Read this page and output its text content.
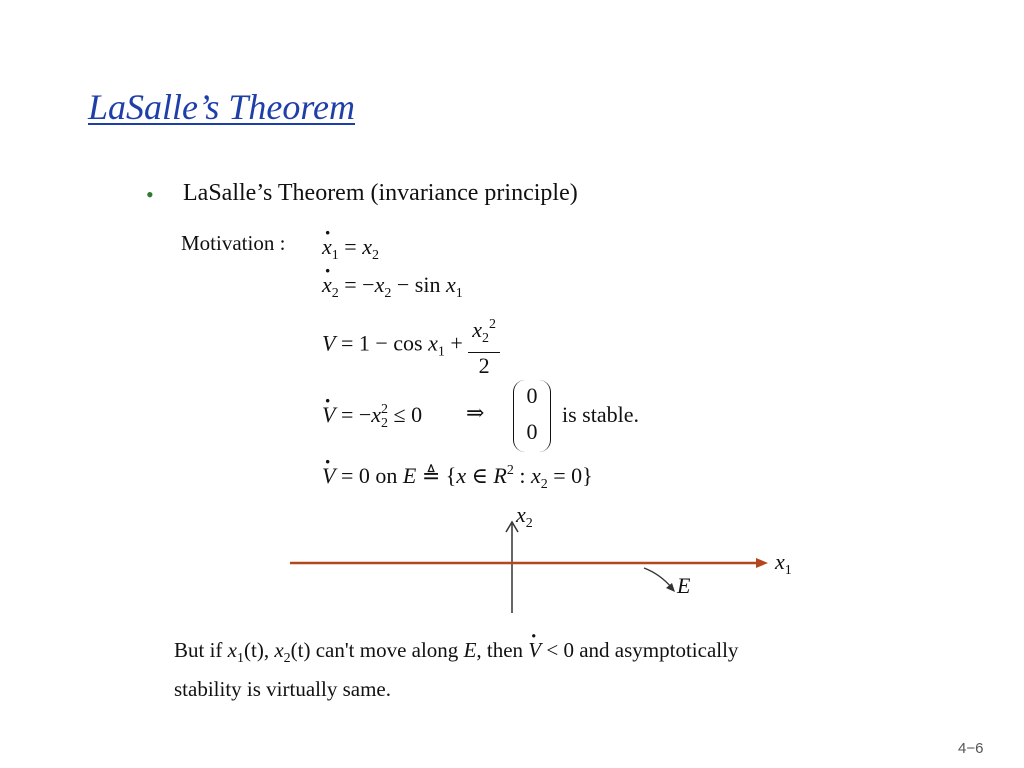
LaSalle’s Theorem
• LaSalle’s Theorem (invariance principle)
Motivation : $x \cdot_1 = x_2$
$x \cdot_2 = -x_2 - \sin x_1$
$V = 1 - \cos x_1 + \frac{x_2^2}{2}$
V · = $-x_2^2 \le 0$ ⇒
0
0
is stable.
V · = 0 on E ≜ {x ∈ $R^2$ : $x_2 = 0$}
$x_2$
$x_1$
E
But if $x_1(t)$, $x_2(t)$ can't move along E, then V · < 0 and asymptotically
stability is virtually same.
4−6
